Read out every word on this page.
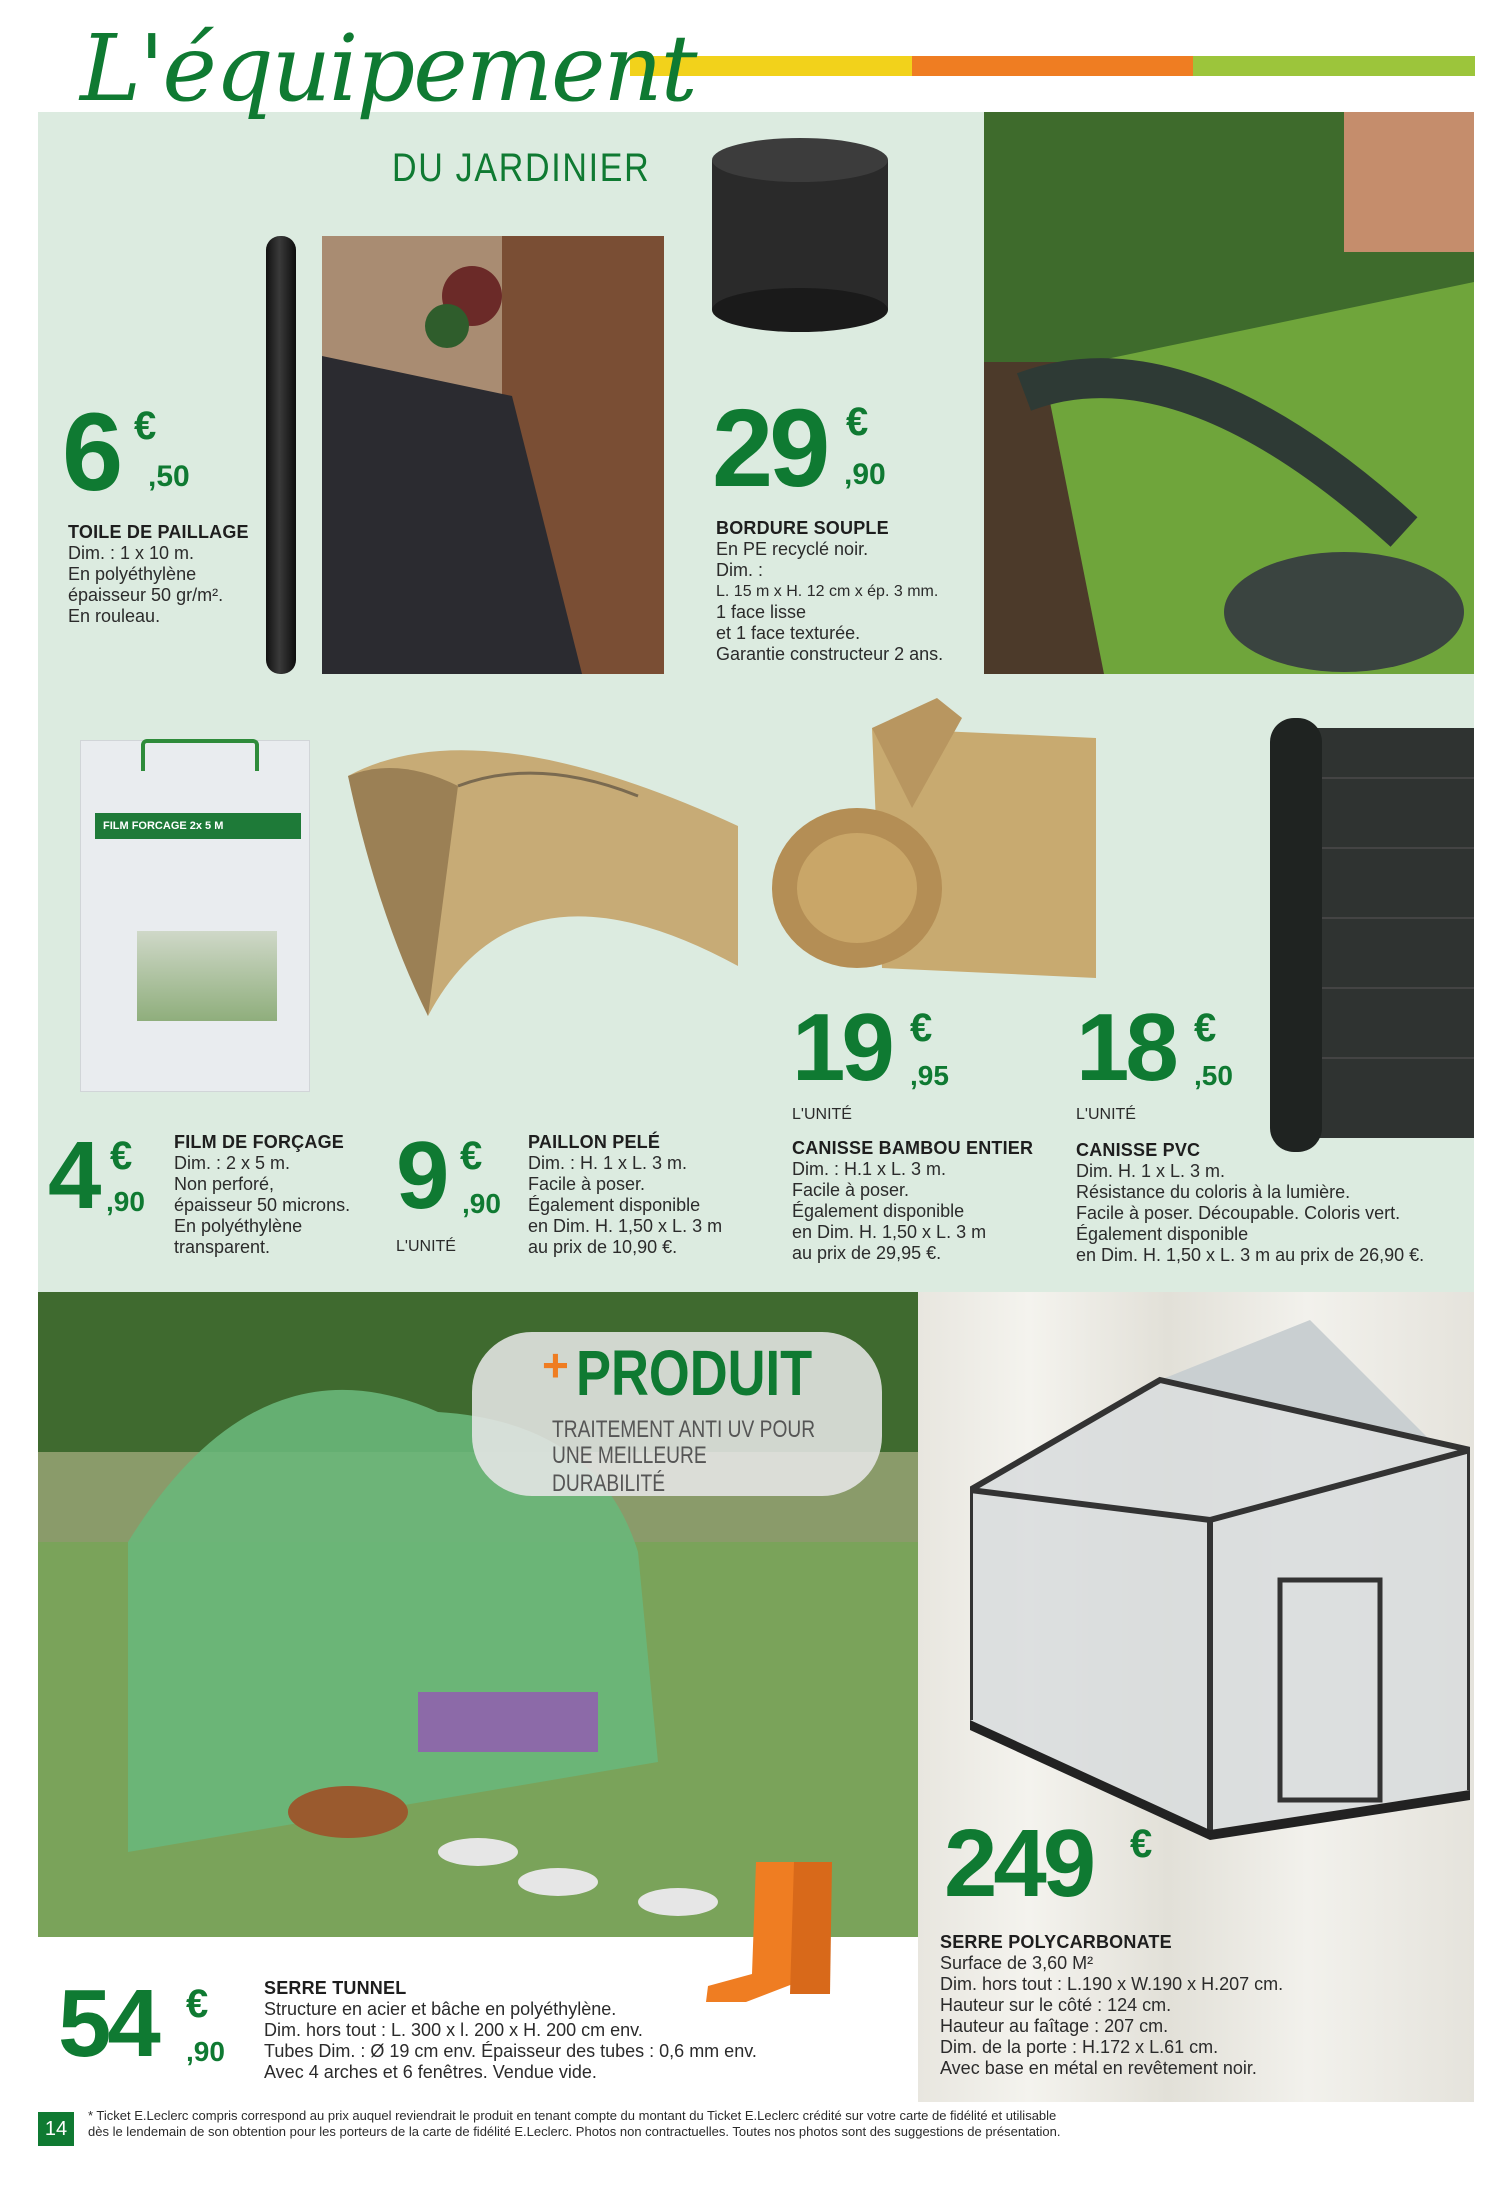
L'équipement
DU JARDINIER
FILM FORCAGE 2x 5 M
+ PRODUIT
TRAITEMENT ANTI UV POUR
UNE MEILLEURE DURABILITÉ
6 €
,50	29 €
,90
4 €
,90	9 €
,90
L'UNITÉ
19 €
,95
L'UNITÉ
18 €
,50
L'UNITÉ
54 €
,90
249 €
TOILE DE PAILLAGE
Dim. : 1 x 10 m.
En polyéthylène
épaisseur 50 gr/m².
En rouleau.
BORDURE SOUPLE
En PE recyclé noir.
Dim. :
L. 15 m x H. 12 cm x ép. 3 mm.
1 face lisse
et 1 face texturée.
Garantie constructeur 2 ans.
FILM DE FORÇAGE
Dim. : 2 x 5 m.
Non perforé,
épaisseur 50 microns.
En polyéthylène
transparent.
PAILLON PELÉ
Dim. : H. 1 x L. 3 m.
Facile à poser.
Également disponible
en Dim. H. 1,50 x L. 3 m
au prix de 10,90 €.
CANISSE BAMBOU ENTIER
Dim. : H.1 x L. 3 m.
Facile à poser.
Également disponible
en Dim. H. 1,50 x L. 3 m
au prix de 29,95 €.
CANISSE PVC
Dim. H. 1 x L. 3 m.
Résistance du coloris à la lumière.
Facile à poser. Découpable. Coloris vert.
Également disponible
en Dim. H. 1,50 x L. 3 m au prix de 26,90 €.
SERRE TUNNEL
Structure en acier et bâche en polyéthylène.
Dim. hors tout : L. 300 x l. 200 x H. 200 cm env.
Tubes Dim. : Ø 19 cm env. Épaisseur des tubes : 0,6 mm env.
Avec 4 arches et 6 fenêtres. Vendue vide.
SERRE POLYCARBONATE
Surface de 3,60 M²
Dim. hors tout : L.190 x W.190 x H.207 cm.
Hauteur sur le côté : 124 cm.
Hauteur au faîtage : 207 cm.
Dim. de la porte : H.172 x L.61 cm.
Avec base en métal en revêtement noir.
14
* Ticket E.Leclerc compris correspond au prix auquel reviendrait le produit en tenant compte du montant du Ticket E.Leclerc crédité sur votre carte de fidélité et utilisable
dès le lendemain de son obtention pour les porteurs de la carte de fidélité E.Leclerc. Photos non contractuelles. Toutes nos photos sont des suggestions de présentation.
